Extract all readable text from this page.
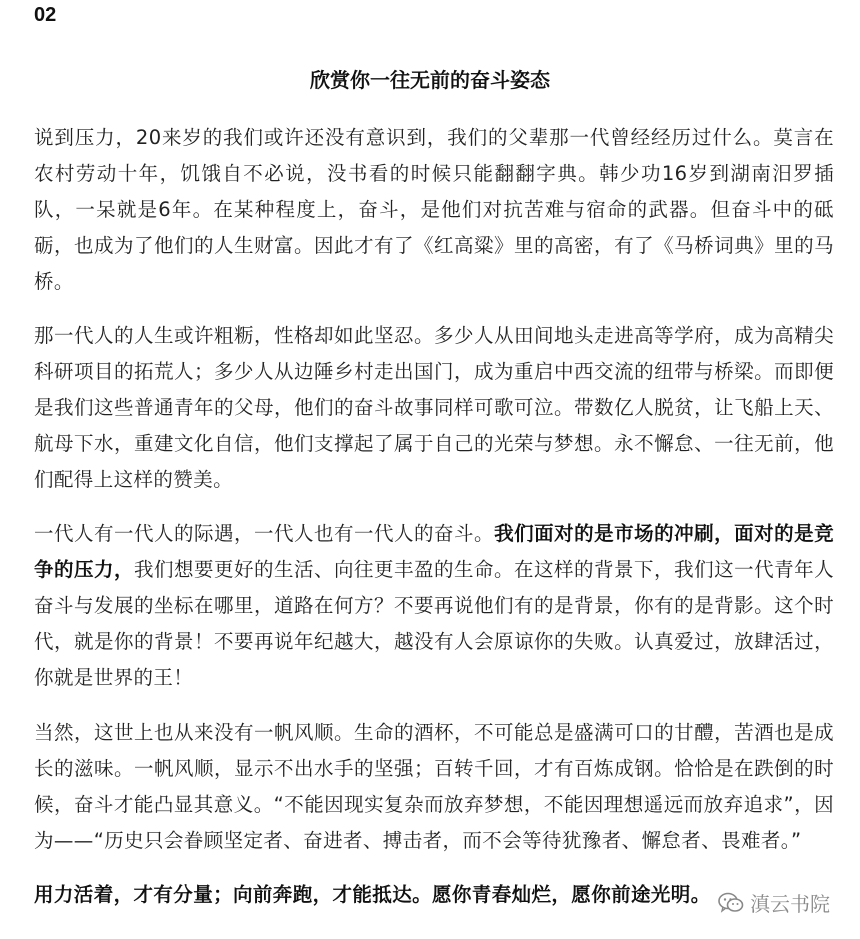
02
欣赏你一往无前的奋斗姿态

说到压力，20来岁的我们或许还没有意识到，我们的父辈那一代曾经经历过什么。莫言在农村劳动十年，饥饿自不必说，没书看的时候只能翻翻字典。韩少功16岁到湖南汨罗插队，一呆就是6年。在某种程度上，奋斗，是他们对抗苦难与宿命的武器。但奋斗中的砥砺，也成为了他们的人生财富。因此才有了《红高粱》里的高密，有了《马桥词典》里的马桥。

那一代人的人生或许粗粝，性格却如此坚忍。多少人从田间地头走进高等学府，成为高精尖科研项目的拓荒人；多少人从边陲乡村走出国门，成为重启中西交流的纽带与桥梁。而即便是我们这些普通青年的父母，他们的奋斗故事同样可歌可泣。带数亿人脱贫，让飞船上天、航母下水，重建文化自信，他们支撑起了属于自己的光荣与梦想。永不懈怠、一往无前，他们配得上这样的赞美。

一代人有一代人的际遇，一代人也有一代人的奋斗。我们面对的是市场的冲刷，面对的是竞争的压力，我们想要更好的生活、向往更丰盈的生命。在这样的背景下，我们这一代青年人奋斗与发展的坐标在哪里，道路在何方？不要再说他们有的是背景，你有的是背影。这个时代，就是你的背景！不要再说年纪越大，越没有人会原谅你的失败。认真爱过，放肆活过，你就是世界的王！

当然，这世上也从来没有一帆风顺。生命的酒杯，不可能总是盛满可口的甘醴，苦酒也是成长的滋味。一帆风顺，显示不出水手的坚强；百转千回，才有百炼成钢。恰恰是在跌倒的时候，奋斗才能凸显其意义。“不能因现实复杂而放弃梦想，不能因理想遥远而放弃追求”，因为——“历史只会眷顾坚定者、奋进者、搏击者，而不会等待犹豫者、懈怠者、畏难者。”

用力活着，才有分量；向前奔跑，才能抵达。愿你青春灿烂，愿你前途光明。	滇云书院
